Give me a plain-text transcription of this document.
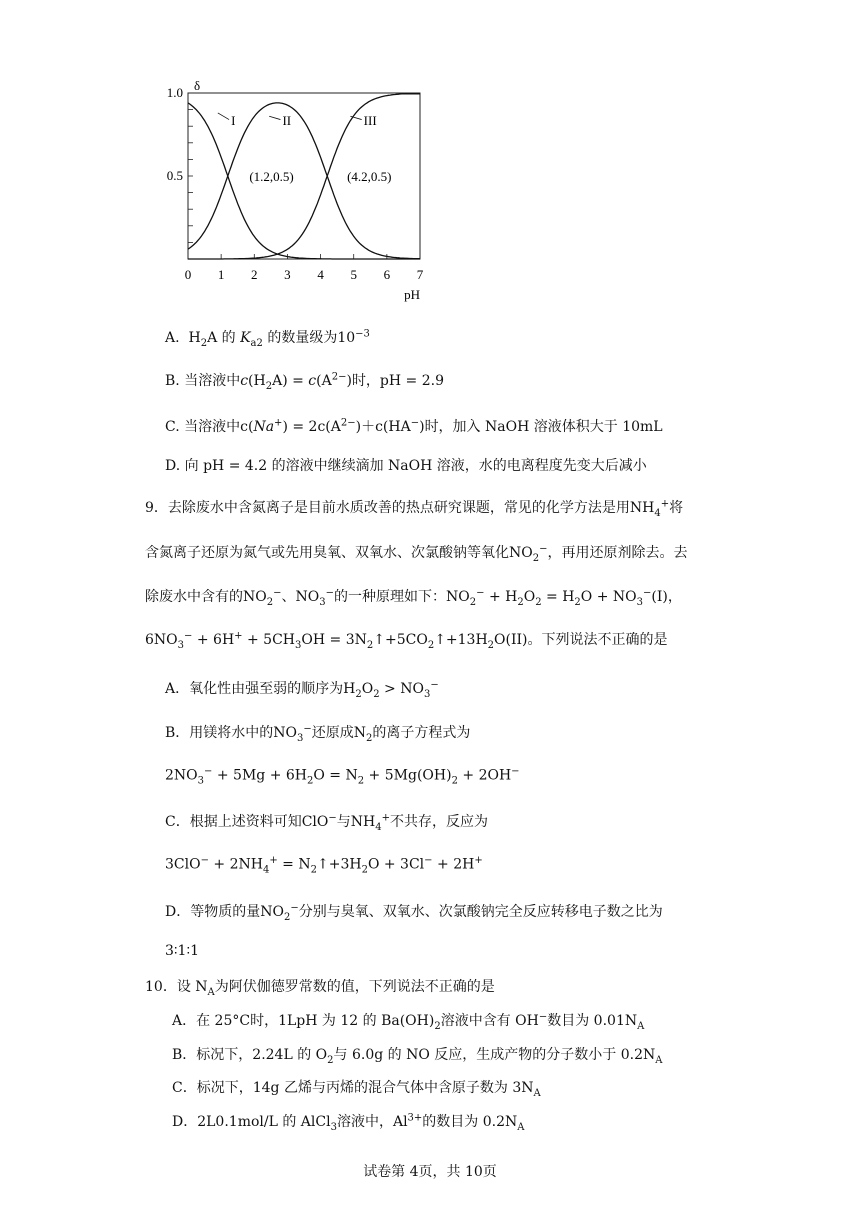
0 1 2 3 4 5 6 7
1.0
0.5
δ
pH
I	II	III
(1.2,0.5)	(4.2,0.5)
A. $H_2A$ 的 $K_{a2}$ 的数量级为$10^{-3}$
B. 当溶液中$c(H_2A) = c(A^{2-})$时，pH = 2.9
C. 当溶液中$c(Na^+) = 2c(A^{2-})+c(HA^-)$时，加入 NaOH 溶液体积大于 10mL
D. 向 pH = 4.2 的溶液中继续滴加 NaOH 溶液，水的电离程度先变大后减小
9．去除废水中含氮离子是目前水质改善的热点研究课题，常见的化学方法是用$NH_4^+$将
含氮离子还原为氮气或先用臭氧、双氧水、次氯酸钠等氧化$NO_2^-$，再用还原剂除去。去
除废水中含有的$NO_2^-$、$NO_3^-$的一种原理如下：$NO_2^- + H_2O_2 = H_2O + NO_3^-(I)$，
$6NO_3^- + 6H^+ + 5CH_3OH$ = $3N_2↑+5CO_2↑+13H_2O(II)$。下列说法不正确的是
A．氧化性由强至弱的顺序为$H_2O_2 > NO_3^-$
B．用镁将水中的$NO_3^-$还原成$N_2$的离子方程式为
$2NO_3^- + 5Mg + 6H_2O = N_2 + 5Mg(OH)_2 + 2OH^-$
C．根据上述资料可知ClO−与$NH_4^+$不共存，反应为
$3ClO^- + 2NH_4^+$ = $N_2↑+3H_2O + 3Cl^- + 2H^+$
D．等物质的量$NO_2^-$分别与臭氧、双氧水、次氯酸钠完全反应转移电子数之比为
3∶1∶1
10．设 $N_A$为阿伏伽德罗常数的值，下列说法不正确的是
A．在 25°C时，1LpH 为 12 的 $Ba(OH)_2$溶液中含有 OH−数目为 $0.01N_A$
B．标况下，2.24L 的 $O_2$与 6.0g 的 NO 反应，生成产物的分子数小于 $0.2N_A$
C．标况下，14g 乙烯与丙烯的混合气体中含原子数为 $3N_A$
D．2L0.1mol/L 的 AlCl$_3$溶液中，$Al^{3+}$的数目为 $0.2N_A$
试卷第 4页，共 10页
